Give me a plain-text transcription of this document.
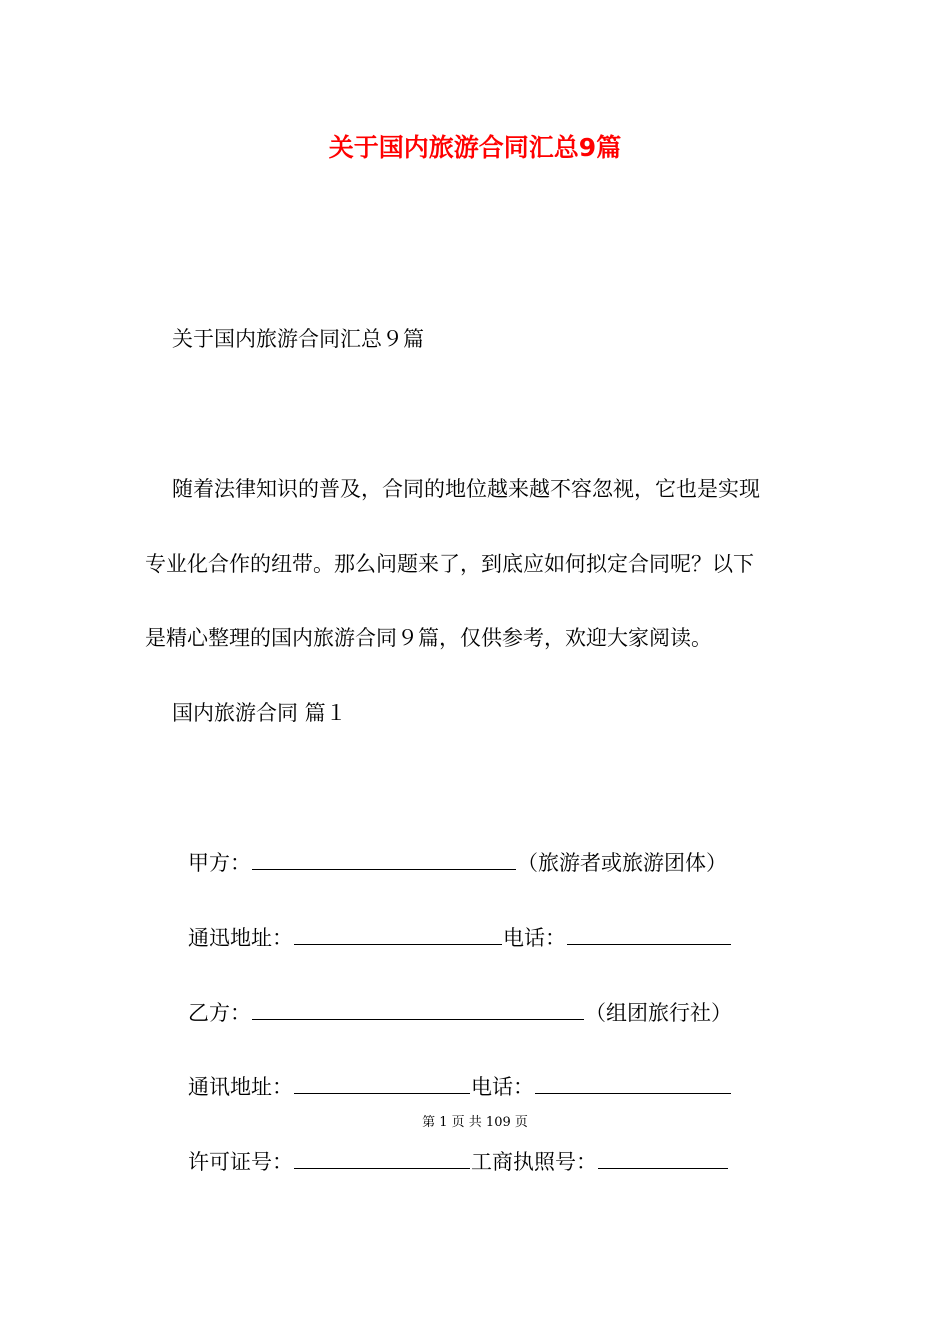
关于国内旅游合同汇总9篇
关于国内旅游合同汇总９篇
随着法律知识的普及，合同的地位越来越不容忽视，它也是实现
专业化合作的纽带。那么问题来了，到底应如何拟定合同呢？以下
是精心整理的国内旅游合同９篇，仅供参考，欢迎大家阅读。
国内旅游合同 篇１
甲方：	（旅游者或旅游团体）
通迅地址：	电话：
乙方：	（组团旅行社）
通讯地址：	电话：
第 1 页 共 109 页
许可证号：	工商执照号：
